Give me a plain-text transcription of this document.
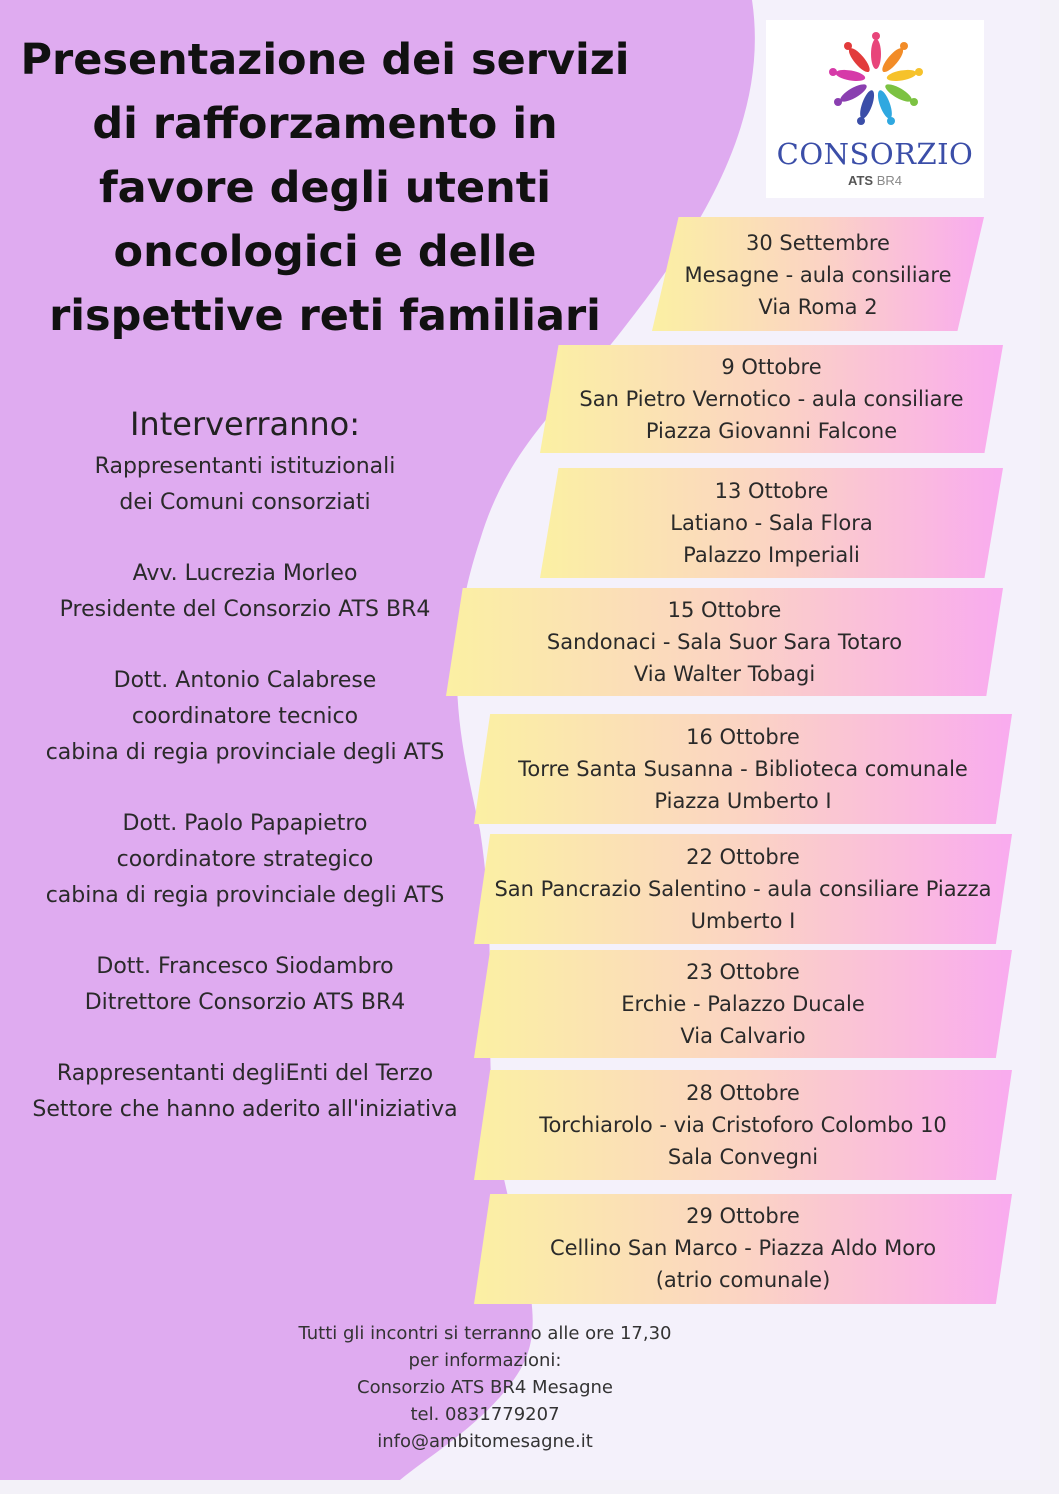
Presentazione dei servizi
di rafforzamento in
favore degli utenti
oncologici e delle
rispettive reti familiari
CONSORZIO
ATS BR4
Interverranno:
Rappresentanti istituzionali
dei Comuni consorziati
Avv. Lucrezia Morleo
Presidente del Consorzio ATS BR4
Dott. Antonio Calabrese
coordinatore tecnico
cabina di regia provinciale degli ATS
Dott. Paolo Papapietro
coordinatore strategico
cabina di regia provinciale degli ATS
Dott. Francesco Siodambro
Ditrettore Consorzio ATS BR4
Rappresentanti degliEnti del Terzo
Settore che hanno aderito all'iniziativa
30 Settembre
Mesagne - aula consiliare
Via Roma 2
9 Ottobre
San Pietro Vernotico - aula consiliare
Piazza Giovanni Falcone
13 Ottobre
Latiano - Sala Flora
Palazzo Imperiali
15 Ottobre
Sandonaci - Sala Suor Sara Totaro
Via Walter Tobagi
16 Ottobre
Torre Santa Susanna - Biblioteca comunale
Piazza Umberto I
22 Ottobre
San Pancrazio Salentino - aula consiliare Piazza
Umberto I
23 Ottobre
Erchie - Palazzo Ducale
Via Calvario
28 Ottobre
Torchiarolo - via Cristoforo Colombo 10
Sala Convegni
29 Ottobre
Cellino San Marco - Piazza Aldo Moro
(atrio comunale)
Tutti gli incontri si terranno alle ore 17,30
per informazioni:
Consorzio ATS BR4 Mesagne
tel. 0831779207
info@ambitomesagne.it
